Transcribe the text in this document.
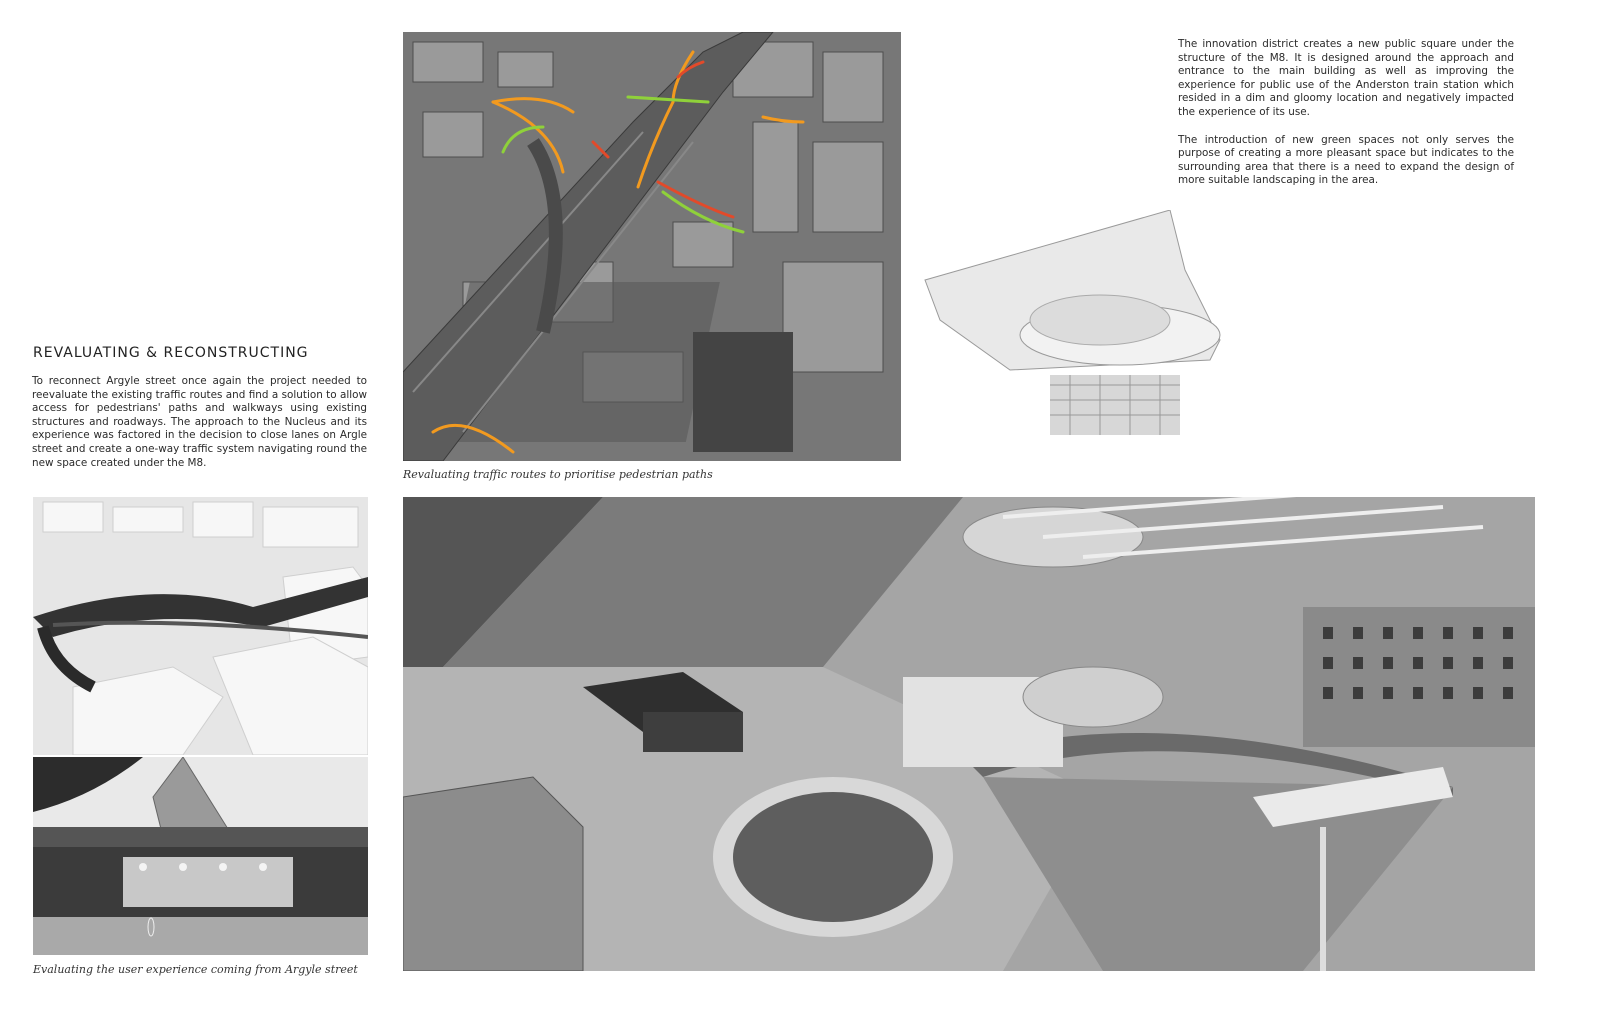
The innovation district creates a new public square under the structure of the M8. It is designed around the approach and entrance to the main building as well as improving the experience for public use of the Anderston train station which resided in a dim and gloomy location and negatively impacted the experience of its use.

The introduction of new green spaces not only serves the purpose of creating a more pleasant space but indicates to the surrounding area that there is a need to expand the design of more suitable landscaping in the area.

REVALUATING & RECONSTRUCTING
To reconnect Argyle street once again the project needed to reevaluate the existing traffic routes and find a solution to allow access for pedestrians' paths and walkways using existing structures and roadways. The approach to the Nucleus and its experience was factored in the decision to close lanes on Argle street and create a one-way traffic system navigating round the new space created under the M8.
Revaluating traffic routes to prioritise pedestrian paths
Evaluating the user experience coming from Argyle street
